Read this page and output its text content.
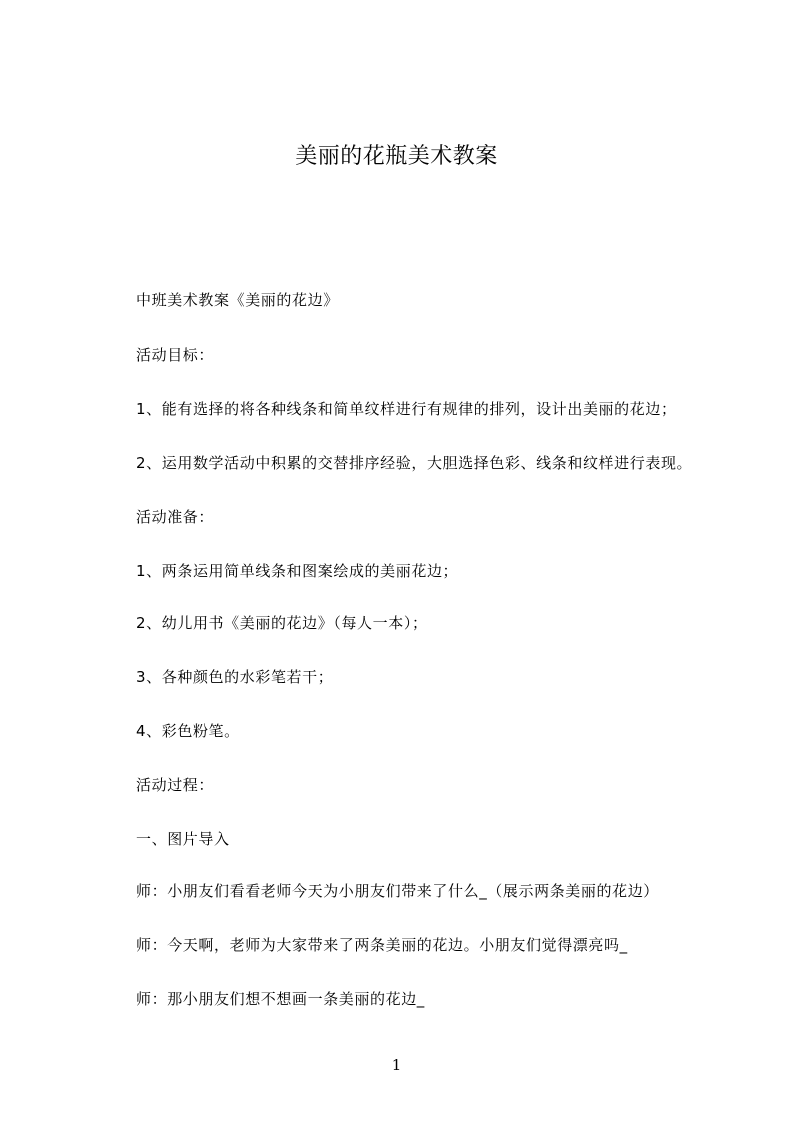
美丽的花瓶美术教案
中班美术教案《美丽的花边》
活动目标：
1、能有选择的将各种线条和简单纹样进行有规律的排列，设计出美丽的花边；
2、运用数学活动中积累的交替排序经验，大胆选择色彩、线条和纹样进行表现。
活动准备：
1、两条运用简单线条和图案绘成的美丽花边；
2、幼儿用书《美丽的花边》（每人一本）；
3、各种颜色的水彩笔若干；
4、彩色粉笔。
活动过程：
一、图片导入
师：小朋友们看看老师今天为小朋友们带来了什么_（展示两条美丽的花边）
师：今天啊，老师为大家带来了两条美丽的花边。小朋友们觉得漂亮吗_
师：那小朋友们想不想画一条美丽的花边_
1
